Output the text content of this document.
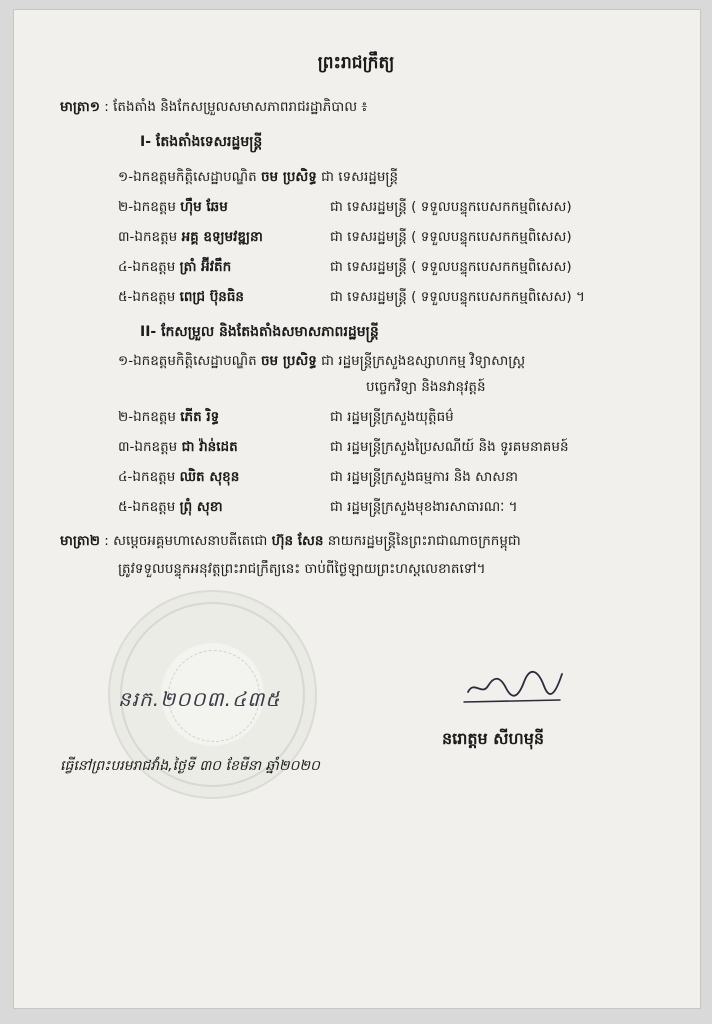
ព្រះរាជក្រឹត្យ
មាត្រា១ : តែងតាំង និងកែសម្រួលសមាសភាពរាជរដ្ឋាភិបាល ៖
I- តែងតាំងទេសរដ្ឋមន្ត្រី
១-ឯកឧត្តមកិត្តិសេដ្ឋាបណ្ឌិត ចម ប្រសិទ្ធ ជា ទេសរដ្ឋមន្ត្រី
២-ឯកឧត្តម ហ៊ឹម ឆែម	ជា ទេសរដ្ឋមន្ត្រី ( ទទួលបន្ទុកបេសកកម្មពិសេស)
៣-ឯកឧត្តម អគ្គ ឧទ្យមវឌ្ឍនា	ជា ទេសរដ្ឋមន្ត្រី ( ទទួលបន្ទុកបេសកកម្មពិសេស)
៤-ឯកឧត្តម ត្រាំ អ៊ីវតឹក	ជា ទេសរដ្ឋមន្ត្រី ( ទទួលបន្ទុកបេសកកម្មពិសេស)
៥-ឯកឧត្តម ពេជ្រ ប៊ុនធិន	ជា ទេសរដ្ឋមន្ត្រី ( ទទួលបន្ទុកបេសកកម្មពិសេស) ។
II- កែសម្រួល និងតែងតាំងសមាសភាពរដ្ឋមន្ត្រី
១-ឯកឧត្តមកិត្តិសេដ្ឋាបណ្ឌិត ចម ប្រសិទ្ធ ជា រដ្ឋមន្ត្រីក្រសួងឧស្សាហកម្ម វិទ្យាសាស្ត្រ
បច្ចេកវិទ្យា និងនវានុវត្តន៍
២-ឯកឧត្តម ភើត រិទ្ធ	ជា រដ្ឋមន្ត្រីក្រសួងយុត្តិធម៌
៣-ឯកឧត្តម ជា វ៉ាន់ដេត	ជា រដ្ឋមន្ត្រីក្រសួងប្រៃសណីយ៍ និង ទូរគមនាគមន៍
៤-ឯកឧត្តម ឈិត សុខុន	ជា រដ្ឋមន្ត្រីក្រសួងធម្មការ និង សាសនា
៥-ឯកឧត្តម ព្រុំ សុខា	ជា រដ្ឋមន្ត្រីក្រសួងមុខងារសាធារណៈ ។
មាត្រា២ : សម្តេចអគ្គមហាសេនាបតីតេជោ ហ៊ុន សែន នាយករដ្ឋមន្ត្រីនៃព្រះរាជាណាចក្រកម្ពុជា
ត្រូវទទួលបន្ទុកអនុវត្តព្រះរាជក្រឹត្យនេះ ចាប់ពីថ្ងៃឡាយព្រះហស្តលេខាតទៅ។
នរក.២០០៣.៤៣៥
នរោត្តម សីហមុនី
ធ្វើនៅព្រះបរមរាជវាំង,ថ្ងៃទី ៣០ ខែមីនា ឆ្នាំ២០២០
